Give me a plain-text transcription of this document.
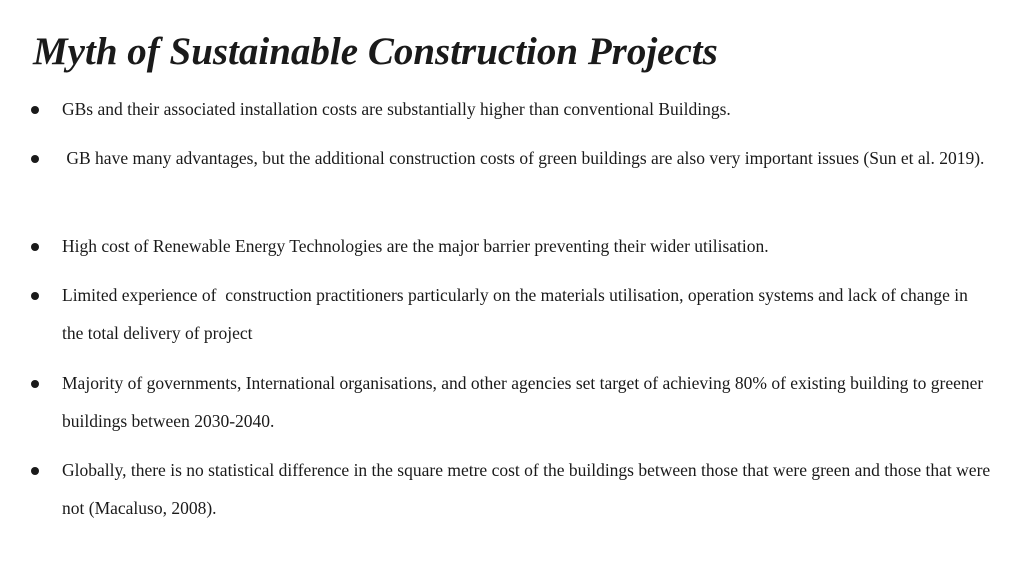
Myth of Sustainable Construction Projects
GBs and their associated installation costs are substantially higher than conventional Buildings.
GB have many advantages, but the additional construction costs of green buildings are also very important issues (Sun et al. 2019).
High cost of Renewable Energy Technologies are the major barrier preventing their wider utilisation.
Limited experience of  construction practitioners particularly on the materials utilisation, operation systems and lack of change in the total delivery of project
Majority of governments, International organisations, and other agencies set target of achieving 80% of existing building to greener buildings between 2030-2040.
Globally, there is no statistical difference in the square metre cost of the buildings between those that were green and those that were not (Macaluso, 2008).
